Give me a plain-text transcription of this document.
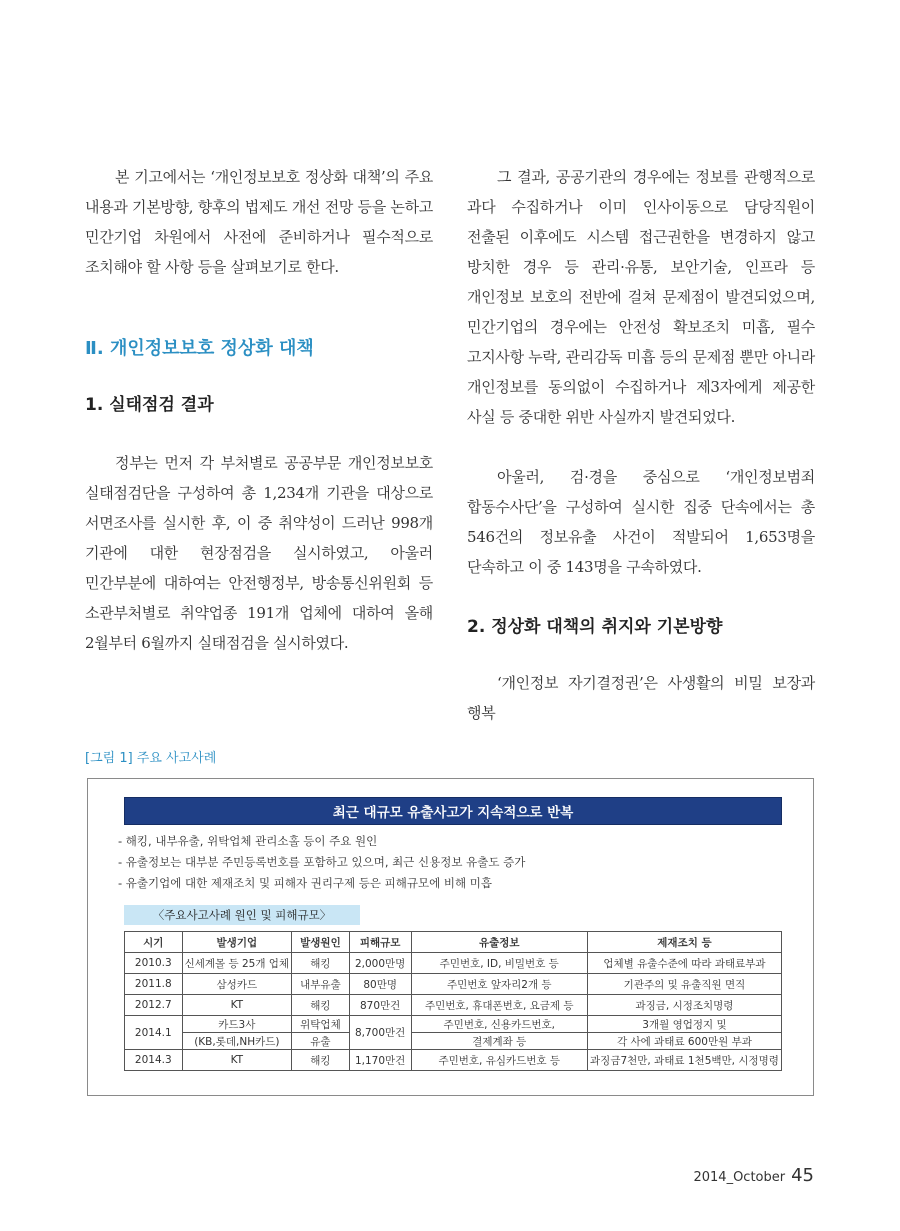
본 기고에서는 ‘개인정보보호 정상화 대책’의 주요 내용과 기본방향, 향후의 법제도 개선 전망 등을 논하고 민간기업 차원에서 사전에 준비하거나 필수적으로 조치해야 할 사항 등을 살펴보기로 한다.

Ⅱ. 개인정보보호 정상화 대책
1. 실태점검 결과

정부는 먼저 각 부처별로 공공부문 개인정보보호 실태점검단을 구성하여 총 1,234개 기관을 대상으로 서면조사를 실시한 후, 이 중 취약성이 드러난 998개 기관에 대한 현장점검을 실시하였고, 아울러 민간부분에 대하여는 안전행정부, 방송통신위원회 등 소관부처별로 취약업종 191개 업체에 대하여 올해 2월부터 6월까지 실태점검을 실시하였다.

그 결과, 공공기관의 경우에는 정보를 관행적으로 과다 수집하거나 이미 인사이동으로 담당직원이 전출된 이후에도 시스템 접근권한을 변경하지 않고 방치한 경우 등 관리·유통, 보안기술, 인프라 등 개인정보 보호의 전반에 걸쳐 문제점이 발견되었으며, 민간기업의 경우에는 안전성 확보조치 미흡, 필수 고지사항 누락, 관리감독 미흡 등의 문제점 뿐만 아니라 개인정보를 동의없이 수집하거나 제3자에게 제공한 사실 등 중대한 위반 사실까지 발견되었다.

아울러, 검·경을 중심으로 ‘개인정보범죄 합동수사단’을 구성하여 실시한 집중 단속에서는 총 546건의 정보유출 사건이 적발되어 1,653명을 단속하고 이 중 143명을 구속하였다.

2. 정상화 대책의 취지와 기본방향

‘개인정보 자기결정권’은 사생활의 비밀 보장과 행복

[그림 1] 주요 사고사례
최근 대규모 유출사고가 지속적으로 반복
- 해킹, 내부유출, 위탁업체 관리소홀 등이 주요 원인
- 유출정보는 대부분 주민등록번호를 포함하고 있으며, 최근 신용정보 유출도 증가
- 유출기업에 대한 제재조치 및 피해자 권리구제 등은 피해규모에 비해 미흡
〈주요사고사례 원인 및 피해규모〉
시기	발생기업	발생원인	피해규모	유출정보	제재조치 등
2010.3	신세계몰 등 25개 업체	해킹	2,000만명	주민번호, ID, 비밀번호 등	업체별 유출수준에 따라 과태료부과
2011.8	삼성카드	내부유출	80만명	주민번호 앞자리2개 등	기관주의 및 유출직원 면직
2012.7	KT	해킹	870만건	주민번호, 휴대폰번호, 요금제 등	과징금, 시정조치명령
2014.1	카드3사	위탁업체	8,700만건	주민번호, 신용카드번호,	3개월 영업정지 및
	(KB,롯데,NH카드)	유출		결제계좌 등	각 사에 과태료 600만원 부과
2014.3	KT	해킹	1,170만건	주민번호, 유심카드번호 등	과징금7천만, 과태료 1천5백만, 시정명령
2014_October 45
